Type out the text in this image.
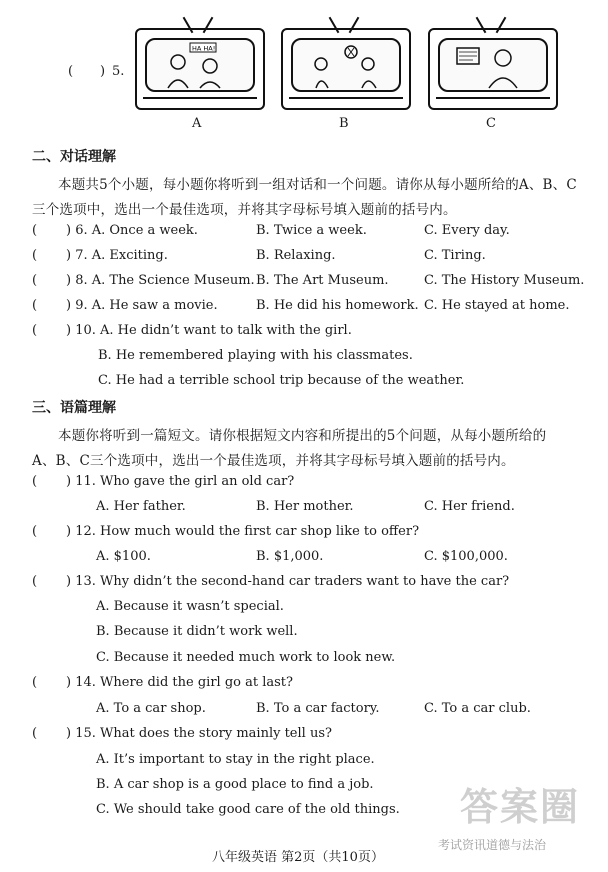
( ) 5.
HA HA!
A	B	C
二、对话理解
本题共5个小题，每小题你将听到一组对话和一个问题。请你从每小题所给的A、B、C
三个选项中，选出一个最佳选项，并将其字母标号填入题前的括号内。
( ) 6. A. Once a week.	B. Twice a week.	C. Every day.
( ) 7. A. Exciting.	B. Relaxing.	C. Tiring.
( ) 8. A. The Science Museum. B. The Art Museum.	C. The History Museum.
( ) 9. A. He saw a movie.	B. He did his homework. C. He stayed at home.
( ) 10. A. He didn’t want to talk with the girl.
B. He remembered playing with his classmates.
C. He had a terrible school trip because of the weather.
三、语篇理解
本题你将听到一篇短文。请你根据短文内容和所提出的5个问题，从每小题所给的
A、B、C三个选项中，选出一个最佳选项，并将其字母标号填入题前的括号内。
( ) 11. Who gave the girl an old car?
A. Her father.	B. Her mother.	C. Her friend.
( ) 12. How much would the first car shop like to offer?
A. $100.	B. $1,000.	C. $100,000.
( ) 13. Why didn’t the second-hand car traders want to have the car?
A. Because it wasn’t special.
B. Because it didn’t work well.
C. Because it needed much work to look new.
( ) 14. Where did the girl go at last?
A. To a car shop.	B. To a car factory.	C. To a car club.
( ) 15. What does the story mainly tell us?
A. It’s important to stay in the right place.
B. A car shop is a good place to find a job.
C. We should take good care of the old things. 答案圈
考试资讯道德与法治
八年级英语 第2页（共10页）
